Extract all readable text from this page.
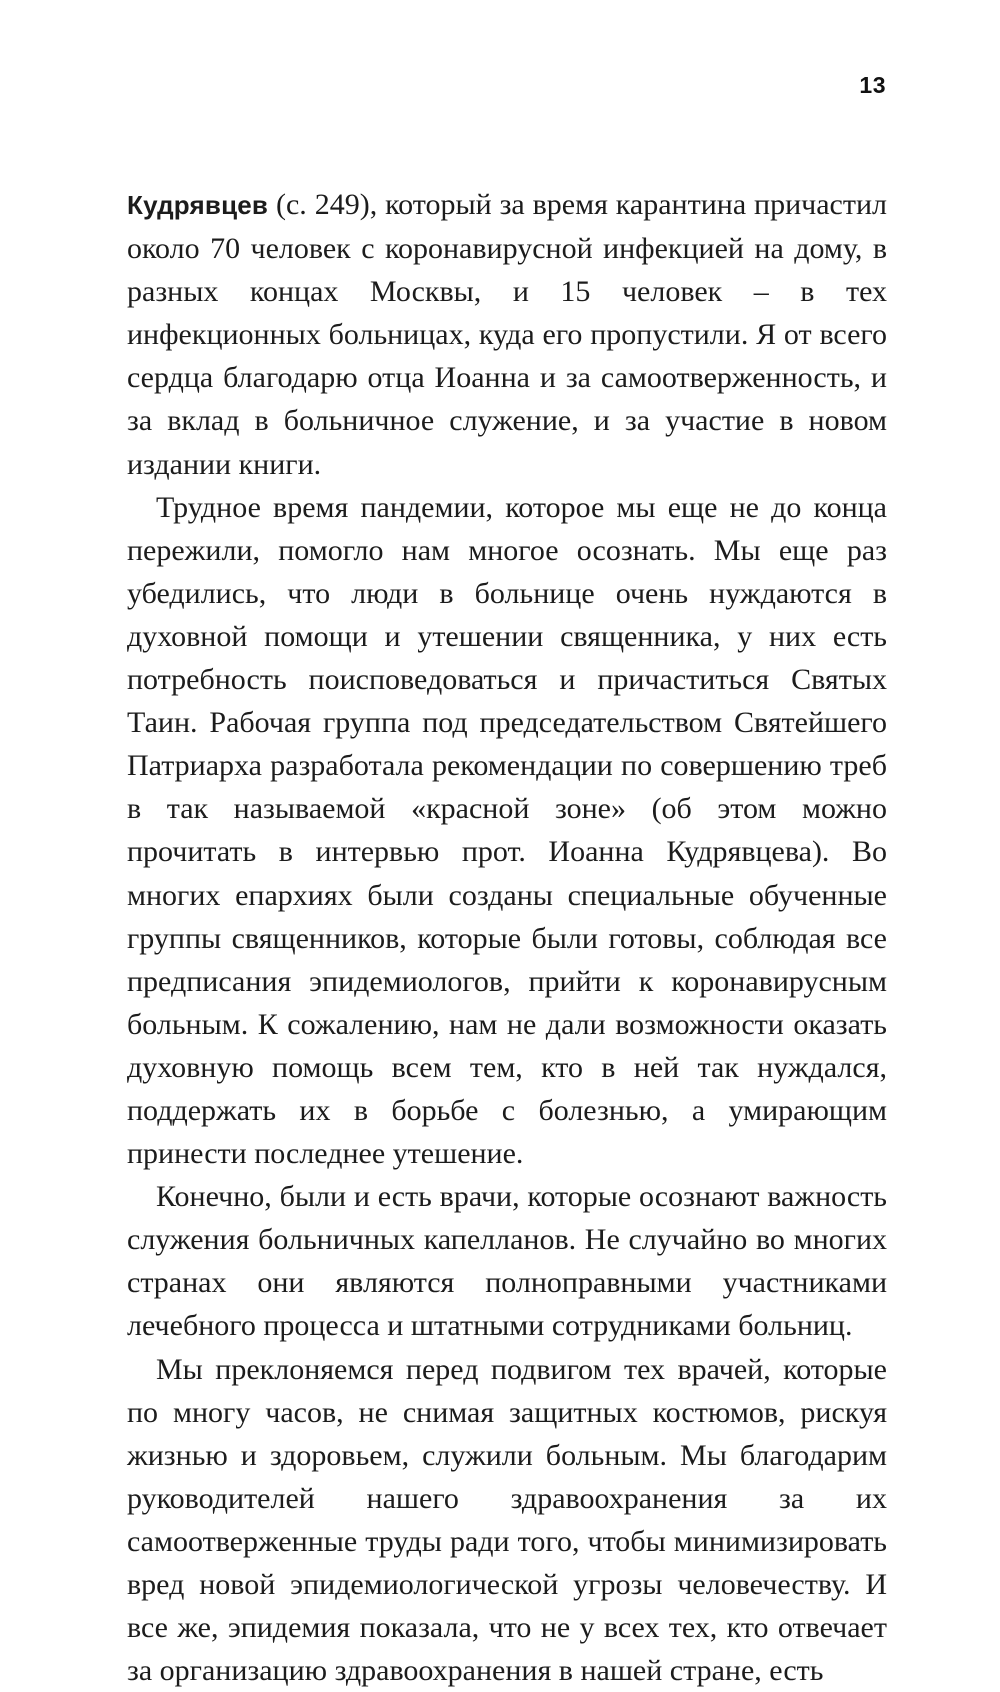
13

Кудрявцев (с. 249), который за время карантина причастил около 70 человек с коронавирусной инфекцией на дому, в разных концах Москвы, и 15 человек – в тех инфекционных больницах, куда его пропустили. Я от всего сердца благодарю отца Иоанна и за самоотверженность, и за вклад в больничное служение, и за участие в новом издании книги.

Трудное время пандемии, которое мы еще не до конца пережили, помогло нам многое осознать. Мы еще раз убедились, что люди в больнице очень нуждаются в духовной помощи и утешении священника, у них есть потребность поисповедоваться и причаститься Святых Таин. Рабочая группа под председательством Святейшего Патриарха разработала рекомендации по совершению треб в так называемой «красной зоне» (об этом можно прочитать в интервью прот. Иоанна Кудрявцева). Во многих епархиях были созданы специальные обученные группы священников, которые были готовы, соблюдая все предписания эпидемиологов, прийти к коронавирусным больным. К сожалению, нам не дали возможности оказать духовную помощь всем тем, кто в ней так нуждался, поддержать их в борьбе с болезнью, а умирающим принести последнее утешение.

Конечно, были и есть врачи, которые осознают важность служения больничных капелланов. Не случайно во многих странах они являются полноправными участниками лечебного процесса и штатными сотрудниками больниц.

Мы преклоняемся перед подвигом тех врачей, которые по многу часов, не снимая защитных костюмов, рискуя жизнью и здоровьем, служили больным. Мы благодарим руководителей нашего здравоохранения за их самоотверженные труды ради того, чтобы минимизировать вред новой эпидемиологической угрозы человечеству. И все же, эпидемия показала, что не у всех тех, кто отвечает за организацию здравоохранения в нашей стране, есть
